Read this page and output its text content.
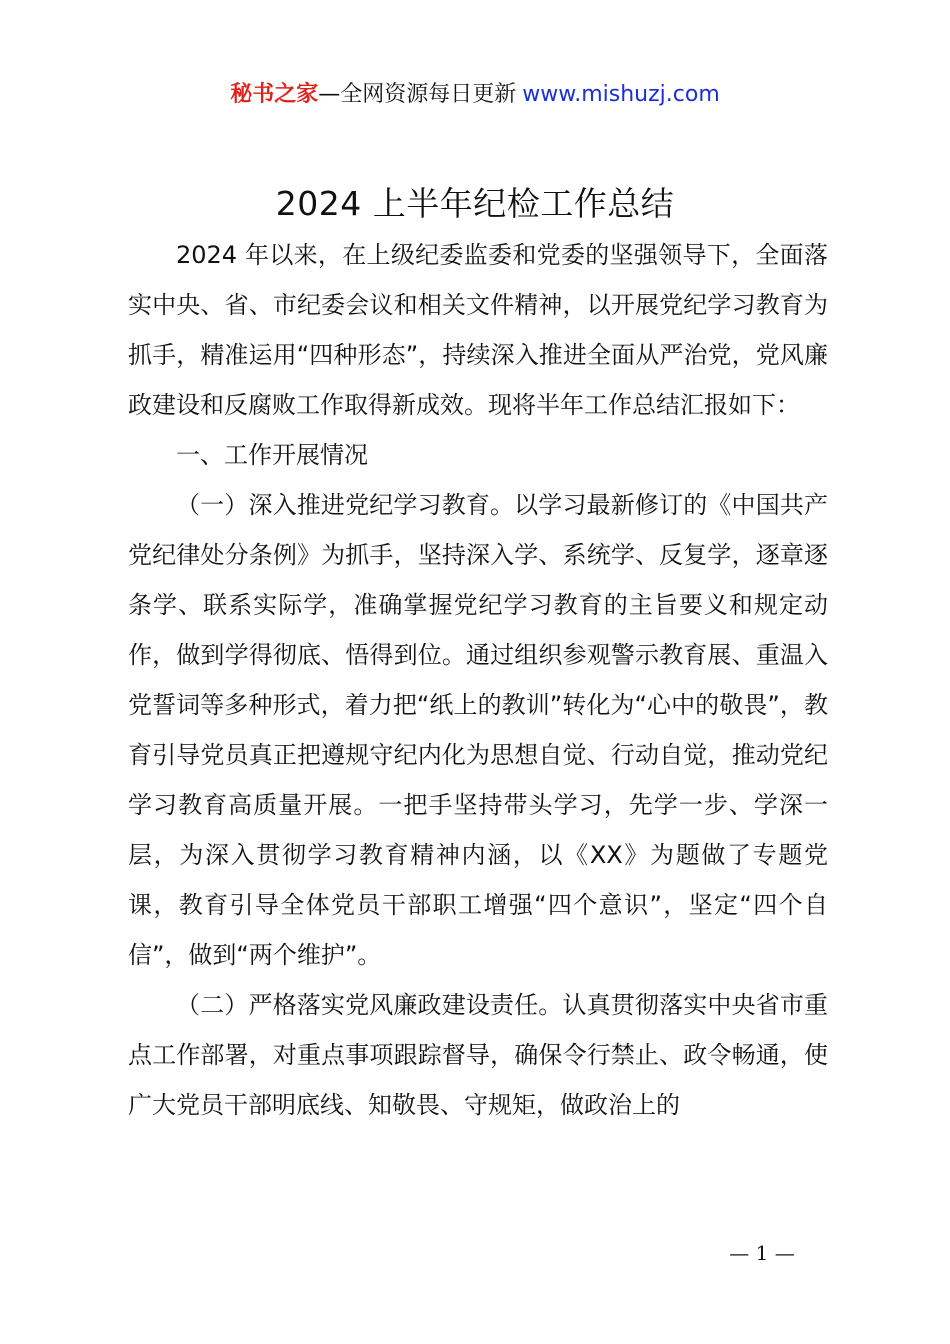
秘书之家—全网资源每日更新 www.mishuzj.com
2024 上半年纪检工作总结

2024 年以来，在上级纪委监委和党委的坚强领导下，全面落实中央、省、市纪委会议和相关文件精神，以开展党纪学习教育为抓手，精准运用“四种形态”，持续深入推进全面从严治党，党风廉政建设和反腐败工作取得新成效。现将半年工作总结汇报如下：

一、工作开展情况

（一）深入推进党纪学习教育。以学习最新修订的《中国共产党纪律处分条例》为抓手，坚持深入学、系统学、反复学，逐章逐条学、联系实际学，准确掌握党纪学习教育的主旨要义和规定动作，做到学得彻底、悟得到位。通过组织参观警示教育展、重温入党誓词等多种形式，着力把“纸上的教训”转化为“心中的敬畏”，教育引导党员真正把遵规守纪内化为思想自觉、行动自觉，推动党纪学习教育高质量开展。一把手坚持带头学习，先学一步、学深一层，为深入贯彻学习教育精神内涵，以《XX》为题做了专题党课，教育引导全体党员干部职工增强“四个意识”，坚定“四个自信”，做到“两个维护”。

（二）严格落实党风廉政建设责任。认真贯彻落实中央省市重点工作部署，对重点事项跟踪督导，确保令行禁止、政令畅通，使广大党员干部明底线、知敬畏、守规矩，做政治上的

— 1 —
